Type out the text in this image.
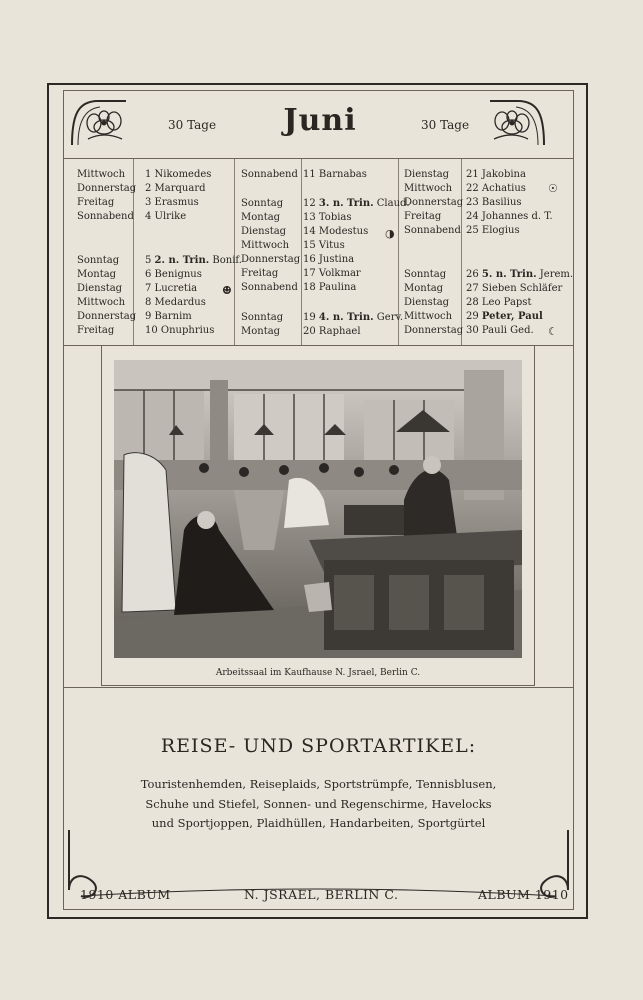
30 Tage	Juni	30 Tage
Mittwoch 1 Nikomedes
Donnerstag 2 Marquard
Freitag	3 Erasmus
Sonnabend 4 Ulrike
Sonntag	5 2. n. Trin. Bonif.
Montag	6 Benignus
Dienstag 7 Lucretia
Mittwoch 8 Medardus
Donnerstag 9 Barnim
Freitag	10 Onuphrius
Sonnabend 11 Barnabas
Sonntag 12 3. n. Trin. Claud.
Montag 13 Tobias
Dienstag 14 Modestus
Mittwoch 15 Vitus
Donnerstag 16 Justina
Freitag 17 Volkmar
Sonnabend 18 Paulina
Sonntag 19 4. n. Trin. Gerv.
Montag 20 Raphael
Dienstag 21 Jakobina
Mittwoch 22 Achatius
Donnerstag 23 Basilius
Freitag 24 Johannes d. T.
Sonnabend 25 Elogius
Sonntag 26 5. n. Trin. Jerem.
Montag 27 Sieben Schläfer
Dienstag 28 Leo Papst
Mittwoch 29 Peter, Paul
Donnerstag 30 Pauli Ged.
☻
◑
☉
☾
Arbeitssaal im Kaufhause N. Jsrael, Berlin C.
REISE- UND SPORTARTIKEL:
Touristenhemden, Reiseplaids, Sportstrümpfe, Tennisblusen,
Schuhe und Stiefel, Sonnen- und Regenschirme, Havelocks
und Sportjoppen, Plaidhüllen, Handarbeiten, Sportgürtel
1910 ALBUM	N. JSRAEL, BERLIN C.	ALBUM 1910
